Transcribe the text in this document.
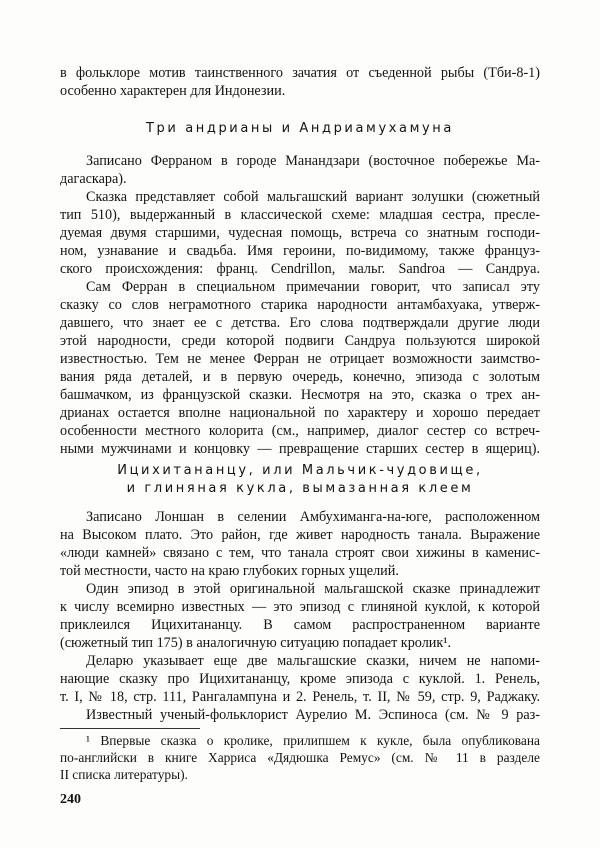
в фольклоре мотив таинственного зачатия от съеденной рыбы (Tби-8-1)
особенно характерен для Индонезии.
Три андрианы и Андриамухамуна
Записано Ферраном в городе Манандзари (восточное побережье Ма-
дагаскара).
Сказка представляет собой мальгашский вариант золушки (сюжетный
тип 510), выдержанный в классической схеме: младшая сестра, пресле-
дуемая двумя старшими, чудесная помощь, встреча со знатным господи-
ном, узнавание и свадьба. Имя героини, по-видимому, также француз-
ского происхождения: франц. Cendrillon, мальг. Sandroa — Сандруа.
Сам Ферран в специальном примечании говорит, что записал эту
сказку со слов неграмотного старика народности антамбахуака, утверж-
давшего, что знает ее с детства. Его слова подтверждали другие люди
этой народности, среди которой подвиги Сандруа пользуются широкой
известностью. Тем не менее Ферран не отрицает возможности заимство-
вания ряда деталей, и в первую очередь, конечно, эпизода с золотым
башмачком, из французской сказки. Несмотря на это, сказка о трех ан-
дрианах остается вполне национальной по характеру и хорошо передает
особенности местного колорита (см., например, диалог сестер со встреч-
ными мужчинами и концовку — превращение старших сестер в ящериц).
Ицихитананцу, или Мальчик-чудовище,
и глиняная кукла, вымазанная клеем
Записано Лоншан в селении Амбухиманга-на-юге, расположенном
на Высоком плато. Это район, где живет народность танала. Выражение
«люди камней» связано с тем, что танала строят свои хижины в каменис-
той местности, часто на краю глубоких горных ущелий.
Один эпизод в этой оригинальной мальгашской сказке принадлежит
к числу всемирно известных — это эпизод с глиняной куклой, к которой
приклеился Ицихитананцу. В самом распространенном варианте
(сюжетный тип 175) в аналогичную ситуацию попадает кролик¹.
Деларю указывает еще две мальгашские сказки, ничем не напоми-
нающие сказку про Ицихитананцу, кроме эпизода с куклой. 1. Ренель,
т. I, № 18, стр. 111, Рангалампуна и 2. Ренель, т. II, № 59, стр. 9, Раджаку.
Известный ученый-фольклорист Аурелио М. Эспиноса (см. № 9 раз-
¹ Впервые сказка о кролике, прилипшем к кукле, была опубликована
по-английски в книге Харриса «Дядюшка Ремус» (см. № 11 в разделе
II списка литературы).
240
